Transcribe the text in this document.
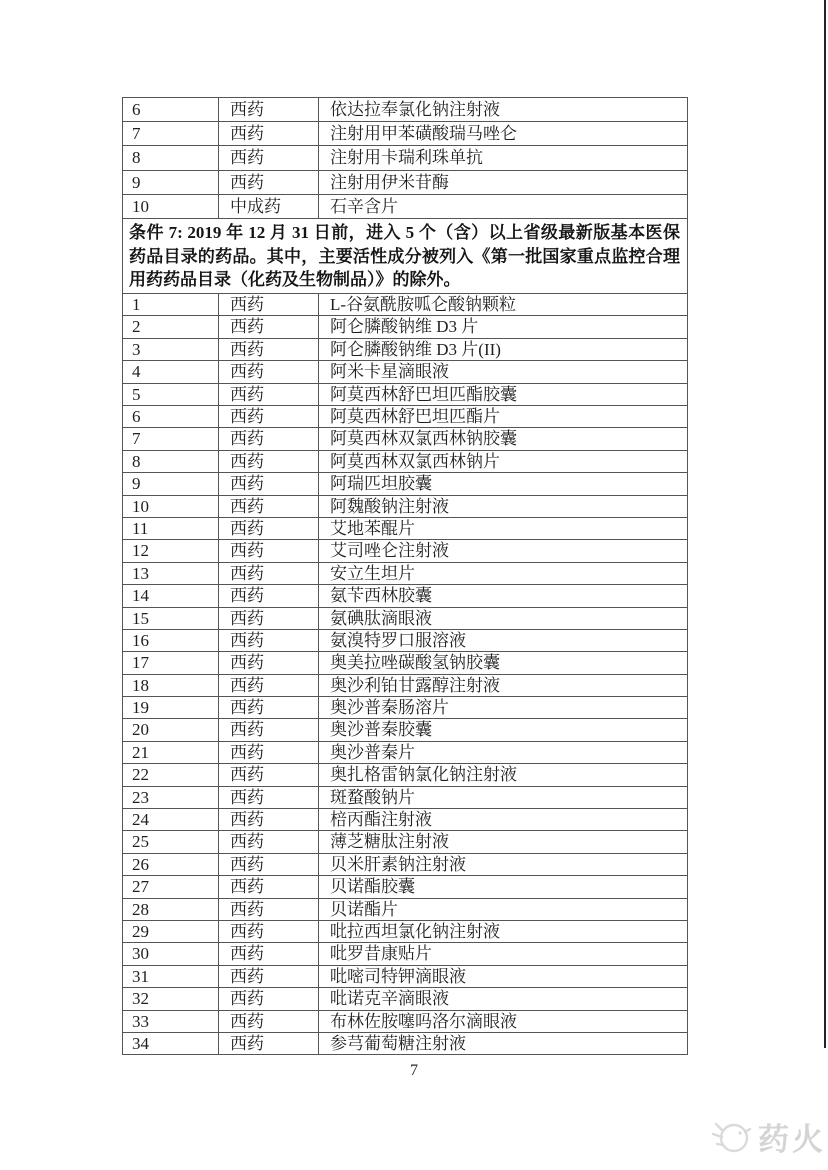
6	西药	依达拉奉氯化钠注射液
7	西药	注射用甲苯磺酸瑞马唑仑
8	西药	注射用卡瑞利珠单抗
9	西药	注射用伊米苷酶
10	中成药	石辛含片
条件 7: 2019 年 12 月 31 日前，进入 5 个（含）以上省级最新版基本医保药品目录的药品。其中，主要活性成分被列入《第一批国家重点监控合理用药药品目录（化药及生物制品）》的除外。
1	西药	L-谷氨酰胺呱仑酸钠颗粒
2	西药	阿仑膦酸钠维 D3 片
3	西药	阿仑膦酸钠维 D3 片(II)
4	西药	阿米卡星滴眼液
5	西药	阿莫西林舒巴坦匹酯胶囊
6	西药	阿莫西林舒巴坦匹酯片
7	西药	阿莫西林双氯西林钠胶囊
8	西药	阿莫西林双氯西林钠片
9	西药	阿瑞匹坦胶囊
10	西药	阿魏酸钠注射液
11	西药	艾地苯醌片
12	西药	艾司唑仑注射液
13	西药	安立生坦片
14	西药	氨苄西林胶囊
15	西药	氨碘肽滴眼液
16	西药	氨溴特罗口服溶液
17	西药	奥美拉唑碳酸氢钠胶囊
18	西药	奥沙利铂甘露醇注射液
19	西药	奥沙普秦肠溶片
20	西药	奥沙普秦胶囊
21	西药	奥沙普秦片
22	西药	奥扎格雷钠氯化钠注射液
23	西药	斑蝥酸钠片
24	西药	棓丙酯注射液
25	西药	薄芝糖肽注射液
26	西药	贝米肝素钠注射液
27	西药	贝诺酯胶囊
28	西药	贝诺酯片
29	西药	吡拉西坦氯化钠注射液
30	西药	吡罗昔康贴片
31	西药	吡嘧司特钾滴眼液
32	西药	吡诺克辛滴眼液
33	西药	布林佐胺噻吗洛尔滴眼液
34	西药	参芎葡萄糖注射液
7
药火
